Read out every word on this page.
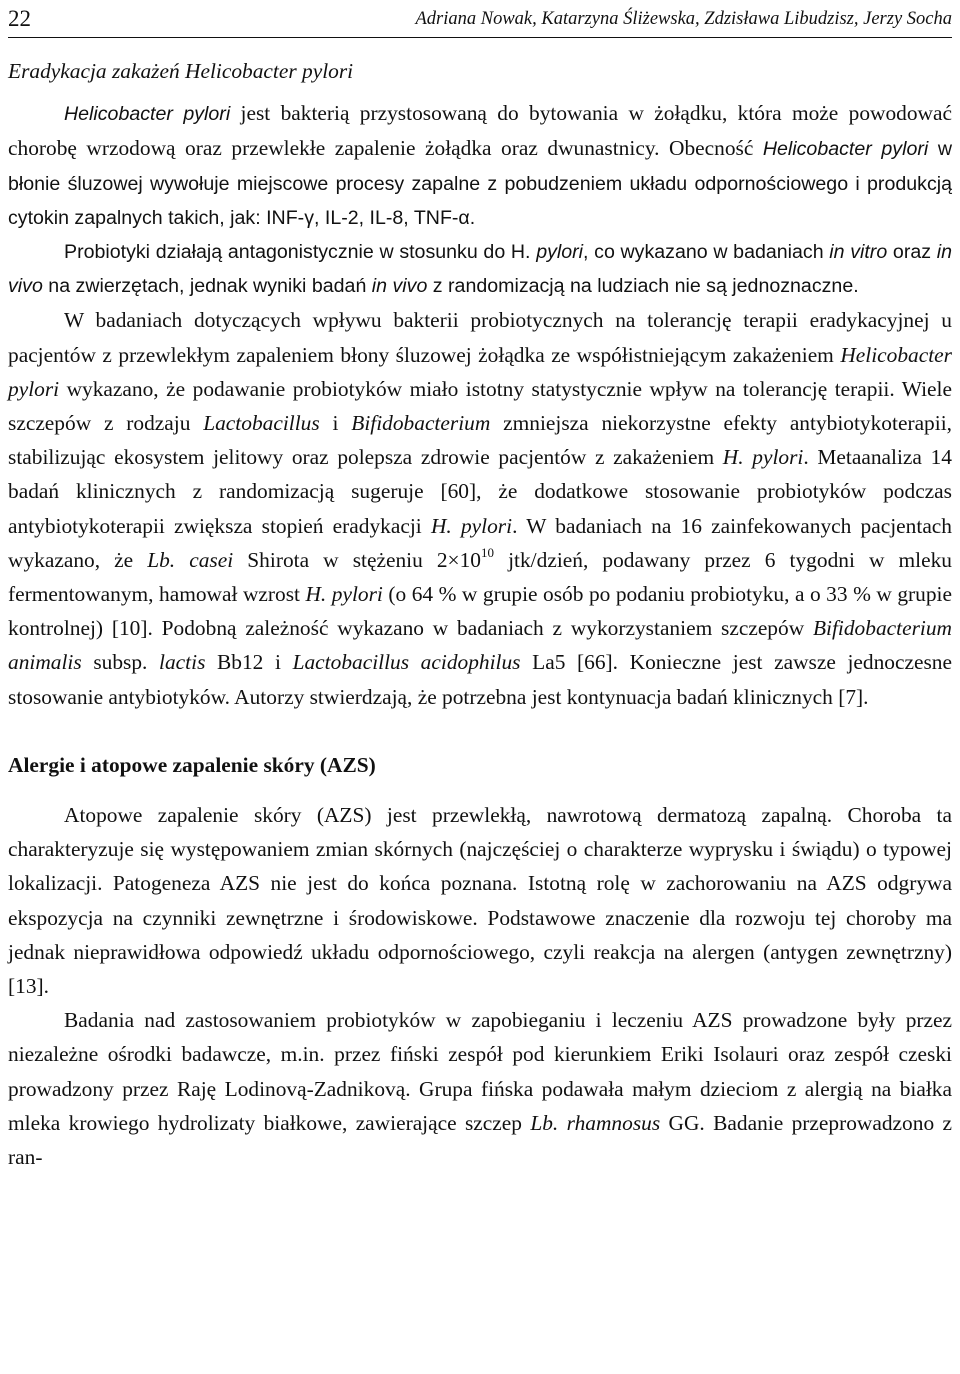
22	Adriana Nowak, Katarzyna Śliżewska, Zdzisława Libudzisz, Jerzy Socha
Eradykacja zakażeń Helicobacter pylori

Helicobacter pylori jest bakterią przystosowaną do bytowania w żołądku, która może powodować chorobę wrzodową oraz przewlekłe zapalenie żołądka oraz dwunastnicy. Obecność Helicobacter pylori w błonie śluzowej wywołuje miejscowe procesy zapalne z pobudzeniem układu odpornościowego i produkcją cytokin zapalnych takich, jak: INF-γ, IL-2, IL-8, TNF-α.

Probiotyki działają antagonistycznie w stosunku do H. pylori, co wykazano w badaniach in vitro oraz in vivo na zwierzętach, jednak wyniki badań in vivo z randomizacją na ludziach nie są jednoznaczne.

W badaniach dotyczących wpływu bakterii probiotycznych na tolerancję terapii eradykacyjnej u pacjentów z przewlekłym zapaleniem błony śluzowej żołądka ze współistniejącym zakażeniem Helicobacter pylori wykazano, że podawanie probiotyków miało istotny statystycznie wpływ na tolerancję terapii. Wiele szczepów z rodzaju Lactobacillus i Bifidobacterium zmniejsza niekorzystne efekty antybiotykoterapii, stabilizując ekosystem jelitowy oraz polepsza zdrowie pacjentów z zakażeniem H. pylori. Metaanaliza 14 badań klinicznych z randomizacją sugeruje [60], że dodatkowe stosowanie probiotyków podczas antybiotykoterapii zwiększa stopień eradykacji H. pylori. W badaniach na 16 zainfekowanych pacjentach wykazano, że Lb. casei Shirota w stężeniu $2\times 10^{10}$ jtk/dzień, podawany przez 6 tygodni w mleku fermentowanym, hamował wzrost H. pylori (o 64 % w grupie osób po podaniu probiotyku, a o 33 % w grupie kontrolnej) [10]. Podobną zależność wykazano w badaniach z wykorzystaniem szczepów Bifidobacterium animalis subsp. lactis Bb12 i Lactobacillus acidophilus La5 [66]. Konieczne jest zawsze jednoczesne stosowanie antybiotyków. Autorzy stwierdzają, że potrzebna jest kontynuacja badań klinicznych [7].

Alergie i atopowe zapalenie skóry (AZS)

Atopowe zapalenie skóry (AZS) jest przewlekłą, nawrotową dermatozą zapalną. Choroba ta charakteryzuje się występowaniem zmian skórnych (najczęściej o charakterze wyprysku i świądu) o typowej lokalizacji. Patogeneza AZS nie jest do końca poznana. Istotną rolę w zachorowaniu na AZS odgrywa ekspozycja na czynniki zewnętrzne i środowiskowe. Podstawowe znaczenie dla rozwoju tej choroby ma jednak nieprawidłowa odpowiedź układu odpornościowego, czyli reakcja na alergen (antygen zewnętrzny) [13].

Badania nad zastosowaniem probiotyków w zapobieganiu i leczeniu AZS prowadzone były przez niezależne ośrodki badawcze, m.in. przez fiński zespół pod kierunkiem Eriki Isolauri oraz zespół czeski prowadzony przez Raję Lodinovą-Zadnikovą. Grupa fińska podawała małym dzieciom z alergią na białka mleka krowiego hydrolizaty białkowe, zawierające szczep Lb. rhamnosus GG. Badanie przeprowadzono z ran-
